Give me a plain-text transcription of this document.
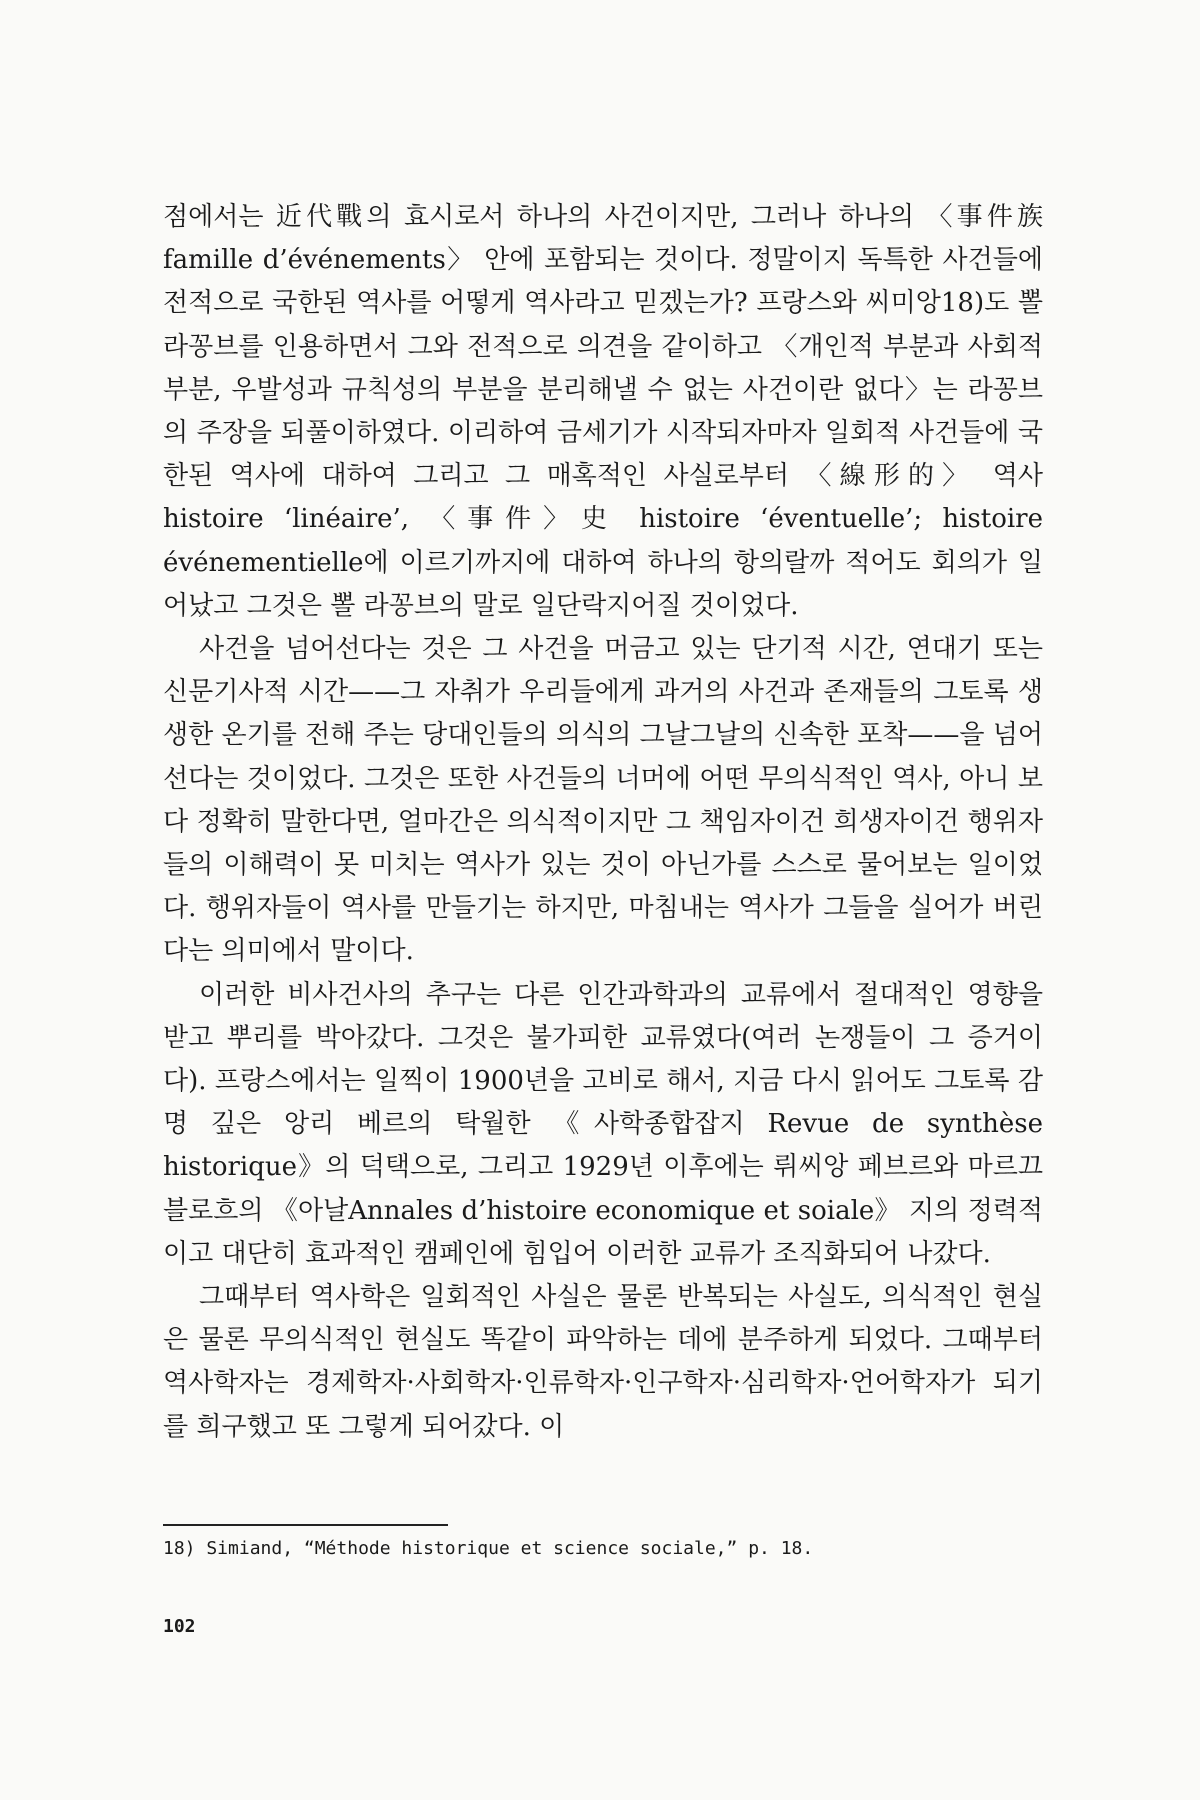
점에서는 近代戰의 효시로서 하나의 사건이지만, 그러나 하나의 〈事件族 famille d’événements〉 안에 포함되는 것이다. 정말이지 독특한 사건들에 전적으로 국한된 역사를 어떻게 역사라고 믿겠는가? 프랑스와 씨미앙18)도 뽈 라꽁브를 인용하면서 그와 전적으로 의견을 같이하고 〈개인적 부분과 사회적 부분, 우발성과 규칙성의 부분을 분리해낼 수 없는 사건이란 없다〉는 라꽁브의 주장을 되풀이하였다. 이리하여 금세기가 시작되자마자 일회적 사건들에 국한된 역사에 대하여 그리고 그 매혹적인 사실로부터 〈線形的〉 역사 histoire ‘linéaire’, 〈事件〉史 histoire ‘éventuelle’; histoire événementielle에 이르기까지에 대하여 하나의 항의랄까 적어도 회의가 일어났고 그것은 뽈 라꽁브의 말로 일단락지어질 것이었다.

사건을 넘어선다는 것은 그 사건을 머금고 있는 단기적 시간, 연대기 또는 신문기사적 시간——그 자취가 우리들에게 과거의 사건과 존재들의 그토록 생생한 온기를 전해 주는 당대인들의 의식의 그날그날의 신속한 포착——을 넘어선다는 것이었다. 그것은 또한 사건들의 너머에 어떤 무의식적인 역사, 아니 보다 정확히 말한다면, 얼마간은 의식적이지만 그 책임자이건 희생자이건 행위자들의 이해력이 못 미치는 역사가 있는 것이 아닌가를 스스로 물어보는 일이었다. 행위자들이 역사를 만들기는 하지만, 마침내는 역사가 그들을 실어가 버린다는 의미에서 말이다.

이러한 비사건사의 추구는 다른 인간과학과의 교류에서 절대적인 영향을 받고 뿌리를 박아갔다. 그것은 불가피한 교류였다(여러 논쟁들이 그 증거이다). 프랑스에서는 일찍이 1900년을 고비로 해서, 지금 다시 읽어도 그토록 감명 깊은 앙리 베르의 탁월한 《사학종합잡지 Revue de synthèse historique》의 덕택으로, 그리고 1929년 이후에는 뤼씨앙 페브르와 마르끄 블로흐의 《아날Annales d’histoire economique et soiale》 지의 정력적이고 대단히 효과적인 캠페인에 힘입어 이러한 교류가 조직화되어 나갔다.

그때부터 역사학은 일회적인 사실은 물론 반복되는 사실도, 의식적인 현실은 물론 무의식적인 현실도 똑같이 파악하는 데에 분주하게 되었다. 그때부터 역사학자는 경제학자·사회학자·인류학자·인구학자·심리학자·언어학자가 되기를 희구했고 또 그렇게 되어갔다. 이

18) Simiand, “Méthode historique et science sociale,” p. 18.
102
